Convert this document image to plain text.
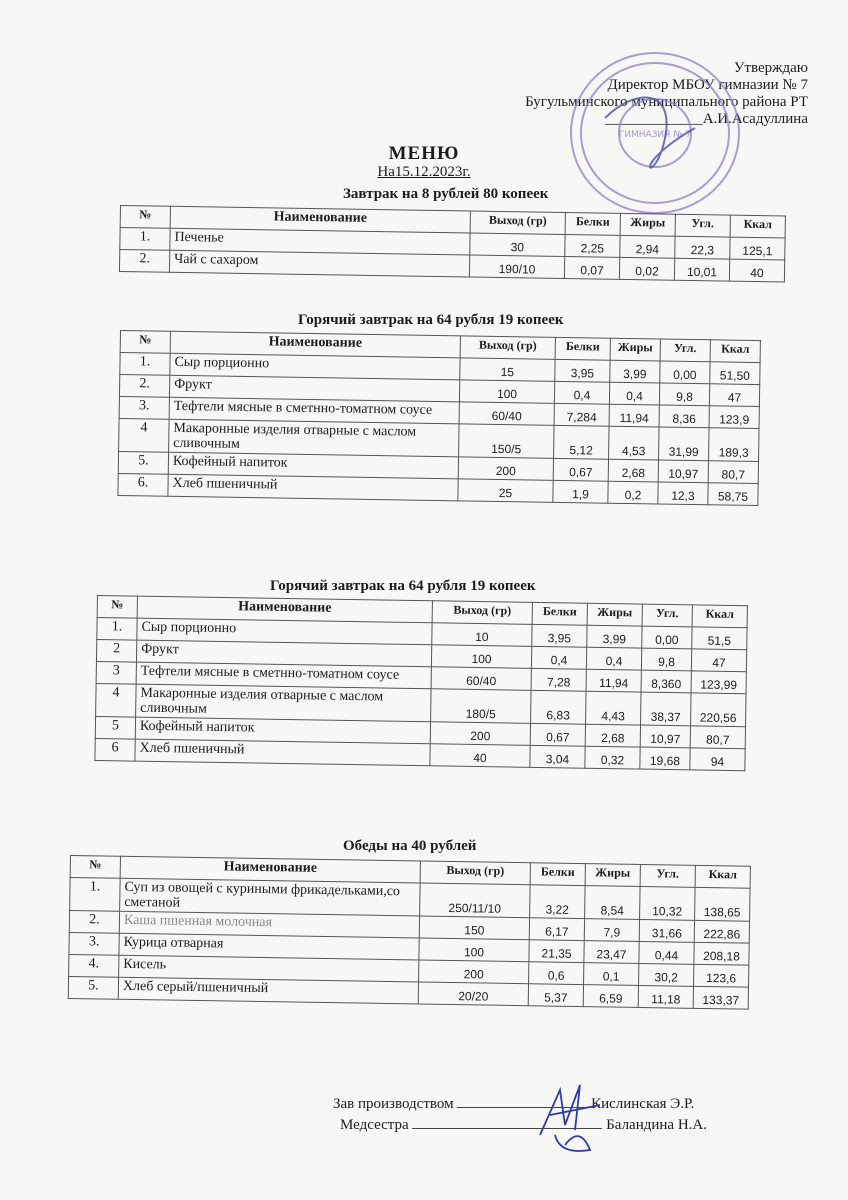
Утверждаю
Директор МБОУ гимназии № 7
Бугульминского муниципального района РТ
_____________А.И.Асадуллина
ГИМНАЗИЯ № 7
МЕНЮ
На15.12.2023г.
Завтрак на 8 рублей 80 копеек
Горячий завтрак на 64 рубля 19 копеек
Горячий завтрак на 64 рубля 19 копеек
Обеды на 40 рублей
№	Наименование	Выход (гр)	Белки	Жиры	Угл.	Ккал
1.	Печенье	30	2,25	2,94	22,3	125,1
2.	Чай с сахаром	190/10	0,07	0,02	10,01	40
№	Наименование	Выход (гр)	Белки	Жиры	Угл.	Ккал
1.	Сыр порционно	15	3,95	3,99	0,00	51,50
2.	Фрукт	100	0,4	0,4	9,8	47
3.	Тефтели мясные в сметнно-томатном соусе	60/40	7,284	11,94	8,36	123,9
4	Макаронные изделия отварные с маслом сливочным	150/5	5,12	4,53	31,99	189,3
5.	Кофейный напиток	200	0,67	2,68	10,97	80,7
6.	Хлеб пшеничный	25	1,9	0,2	12,3	58,75
№	Наименование	Выход (гр)	Белки	Жиры	Угл.	Ккал
1.	Сыр порционно	10	3,95	3,99	0,00	51,5
2	Фрукт	100	0,4	0,4	9,8	47
3	Тефтели мясные в сметнно-томатном соусе	60/40	7,28	11,94	8,360	123,99
4	Макаронные изделия отварные с маслом сливочным	180/5	6,83	4,43	38,37	220,56
5	Кофейный напиток	200	0,67	2,68	10,97	80,7
6	Хлеб пшеничный	40	3,04	0,32	19,68	94
№	Наименование	Выход (гр)	Белки	Жиры	Угл.	Ккал
1.	Суп из овощей с куриными фрикадельками,со сметаной	250/11/10	3,22	8,54	10,32	138,65
2.	Каша пшенная молочная	150	6,17	7,9	31,66	222,86
3.	Курица отварная	100	21,35	23,47	0,44	208,18
4.	Кисель	200	0,6	0,1	30,2	123,6
5.	Хлеб серый/пшеничный	20/20	5,37	6,59	11,18	133,37
Зав производством	Кислинская Э.Р.
Медсестра	Баландина Н.А.
